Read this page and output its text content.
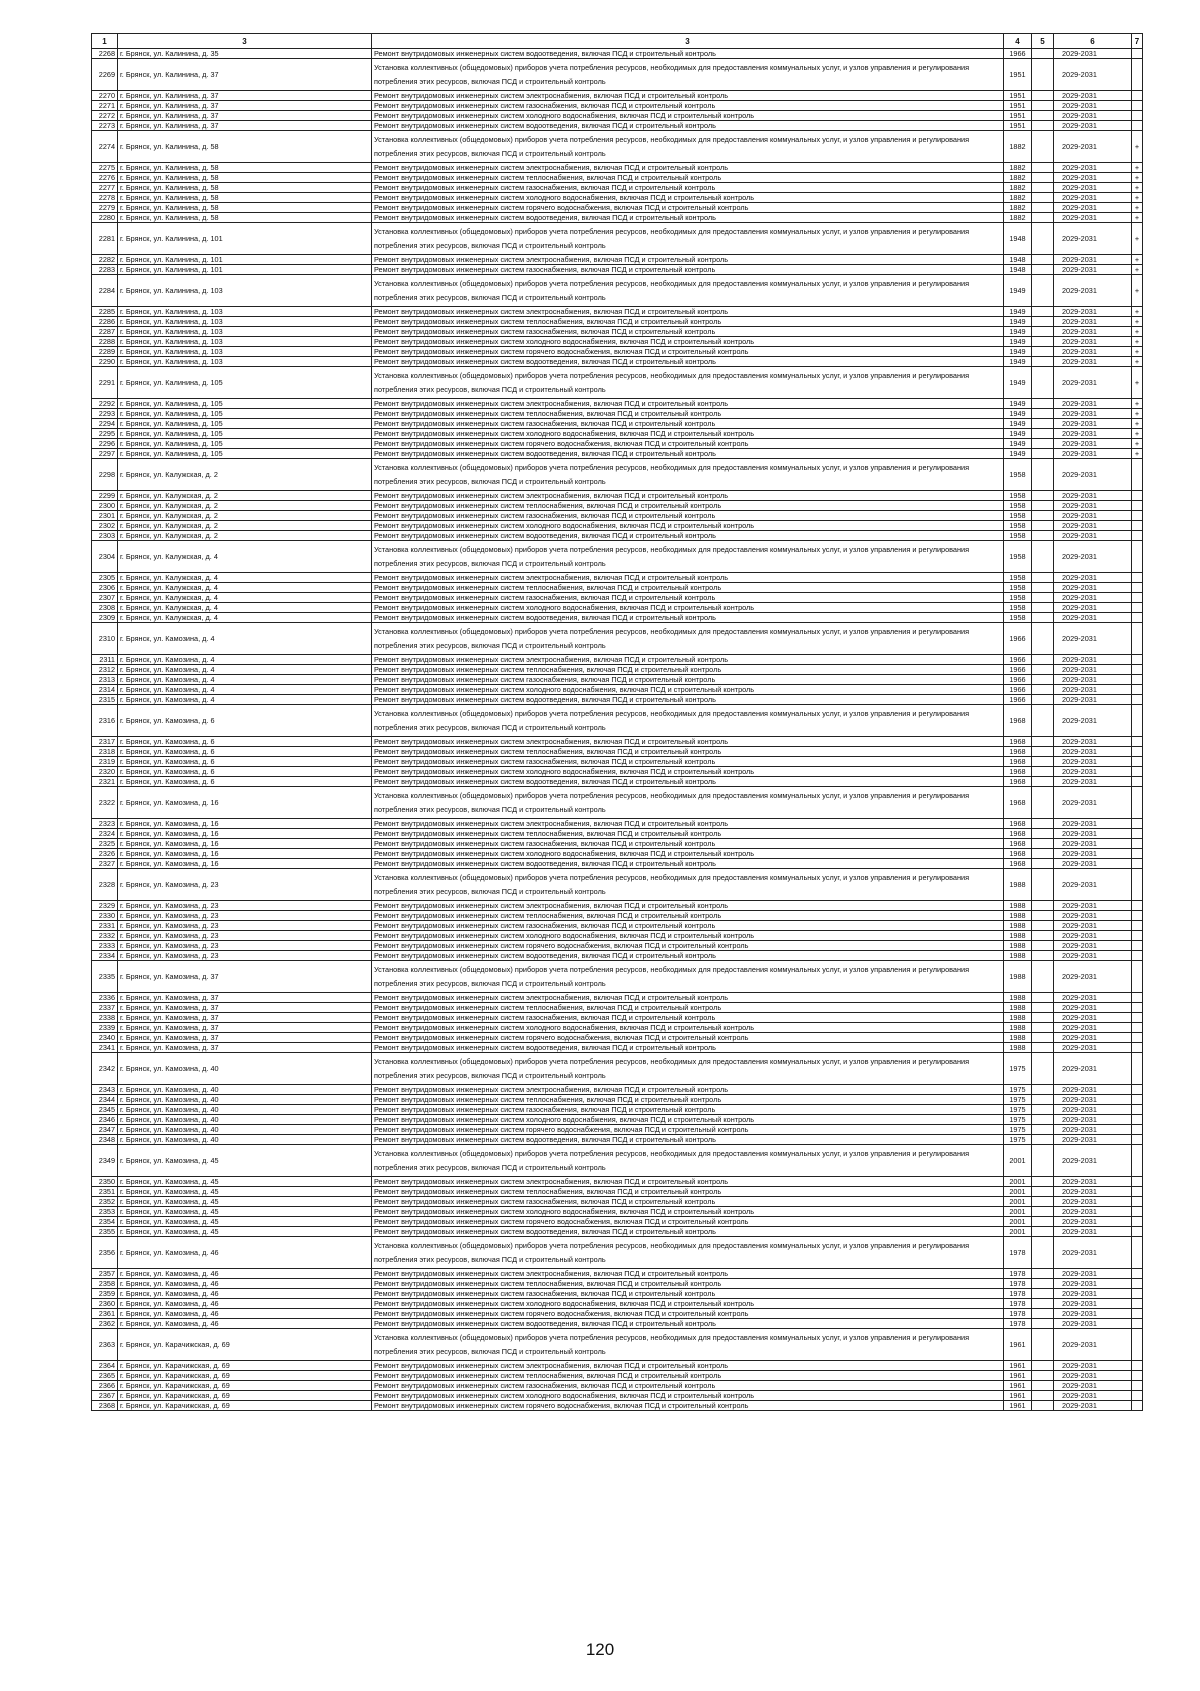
1	3	3	4	5	6	7
2268	г. Брянск, ул. Калинина, д. 35	Ремонт внутридомовых инженерных систем водоотведения, включая ПСД и строительный контроль	1966		2029-2031	
2269	г. Брянск, ул. Калинина, д. 37	Установка коллективных (общедомовых) приборов учета потребления ресурсов, необходимых для предоставления коммунальных услуг, и узлов управления и регулирования потребления этих ресурсов, включая ПСД и строительный контроль	1951		2029-2031	
2270	г. Брянск, ул. Калинина, д. 37	Ремонт внутридомовых инженерных систем электроснабжения, включая ПСД и строительный контроль	1951		2029-2031	
2271	г. Брянск, ул. Калинина, д. 37	Ремонт внутридомовых инженерных систем газоснабжения, включая ПСД и строительный контроль	1951		2029-2031	
2272	г. Брянск, ул. Калинина, д. 37	Ремонт внутридомовых инженерных систем холодного водоснабжения, включая ПСД и строительный контроль	1951		2029-2031	
2273	г. Брянск, ул. Калинина, д. 37	Ремонт внутридомовых инженерных систем водоотведения, включая ПСД и строительный контроль	1951		2029-2031	
2274	г. Брянск, ул. Калинина, д. 58	Установка коллективных (общедомовых) приборов учета потребления ресурсов, необходимых для предоставления коммунальных услуг, и узлов управления и регулирования потребления этих ресурсов, включая ПСД и строительный контроль	1882		2029-2031	+
2275	г. Брянск, ул. Калинина, д. 58	Ремонт внутридомовых инженерных систем электроснабжения, включая ПСД и строительный контроль	1882		2029-2031	+
2276	г. Брянск, ул. Калинина, д. 58	Ремонт внутридомовых инженерных систем теплоснабжения, включая ПСД и строительный контроль	1882		2029-2031	+
2277	г. Брянск, ул. Калинина, д. 58	Ремонт внутридомовых инженерных систем газоснабжения, включая ПСД и строительный контроль	1882		2029-2031	+
2278	г. Брянск, ул. Калинина, д. 58	Ремонт внутридомовых инженерных систем холодного водоснабжения, включая ПСД и строительный контроль	1882		2029-2031	+
2279	г. Брянск, ул. Калинина, д. 58	Ремонт внутридомовых инженерных систем горячего водоснабжения, включая ПСД и строительный контроль	1882		2029-2031	+
2280	г. Брянск, ул. Калинина, д. 58	Ремонт внутридомовых инженерных систем водоотведения, включая ПСД и строительный контроль	1882		2029-2031	+
2281	г. Брянск, ул. Калинина, д. 101	Установка коллективных (общедомовых) приборов учета потребления ресурсов, необходимых для предоставления коммунальных услуг, и узлов управления и регулирования потребления этих ресурсов, включая ПСД и строительный контроль	1948		2029-2031	+
2282	г. Брянск, ул. Калинина, д. 101	Ремонт внутридомовых инженерных систем электроснабжения, включая ПСД и строительный контроль	1948		2029-2031	+
2283	г. Брянск, ул. Калинина, д. 101	Ремонт внутридомовых инженерных систем газоснабжения, включая ПСД и строительный контроль	1948		2029-2031	+
2284	г. Брянск, ул. Калинина, д. 103	Установка коллективных (общедомовых) приборов учета потребления ресурсов, необходимых для предоставления коммунальных услуг, и узлов управления и регулирования потребления этих ресурсов, включая ПСД и строительный контроль	1949		2029-2031	+
2285	г. Брянск, ул. Калинина, д. 103	Ремонт внутридомовых инженерных систем электроснабжения, включая ПСД и строительный контроль	1949		2029-2031	+
2286	г. Брянск, ул. Калинина, д. 103	Ремонт внутридомовых инженерных систем теплоснабжения, включая ПСД и строительный контроль	1949		2029-2031	+
2287	г. Брянск, ул. Калинина, д. 103	Ремонт внутридомовых инженерных систем газоснабжения, включая ПСД и строительный контроль	1949		2029-2031	+
2288	г. Брянск, ул. Калинина, д. 103	Ремонт внутридомовых инженерных систем холодного водоснабжения, включая ПСД и строительный контроль	1949		2029-2031	+
2289	г. Брянск, ул. Калинина, д. 103	Ремонт внутридомовых инженерных систем горячего водоснабжения, включая ПСД и строительный контроль	1949		2029-2031	+
2290	г. Брянск, ул. Калинина, д. 103	Ремонт внутридомовых инженерных систем водоотведения, включая ПСД и строительный контроль	1949		2029-2031	+
2291	г. Брянск, ул. Калинина, д. 105	Установка коллективных (общедомовых) приборов учета потребления ресурсов, необходимых для предоставления коммунальных услуг, и узлов управления и регулирования потребления этих ресурсов, включая ПСД и строительный контроль	1949		2029-2031	+
2292	г. Брянск, ул. Калинина, д. 105	Ремонт внутридомовых инженерных систем электроснабжения, включая ПСД и строительный контроль	1949		2029-2031	+
2293	г. Брянск, ул. Калинина, д. 105	Ремонт внутридомовых инженерных систем теплоснабжения, включая ПСД и строительный контроль	1949		2029-2031	+
2294	г. Брянск, ул. Калинина, д. 105	Ремонт внутридомовых инженерных систем газоснабжения, включая ПСД и строительный контроль	1949		2029-2031	+
2295	г. Брянск, ул. Калинина, д. 105	Ремонт внутридомовых инженерных систем холодного водоснабжения, включая ПСД и строительный контроль	1949		2029-2031	+
2296	г. Брянск, ул. Калинина, д. 105	Ремонт внутридомовых инженерных систем горячего водоснабжения, включая ПСД и строительный контроль	1949		2029-2031	+
2297	г. Брянск, ул. Калинина, д. 105	Ремонт внутридомовых инженерных систем водоотведения, включая ПСД и строительный контроль	1949		2029-2031	+
2298	г. Брянск, ул. Калужская, д. 2	Установка коллективных (общедомовых) приборов учета потребления ресурсов, необходимых для предоставления коммунальных услуг, и узлов управления и регулирования потребления этих ресурсов, включая ПСД и строительный контроль	1958		2029-2031	
2299	г. Брянск, ул. Калужская, д. 2	Ремонт внутридомовых инженерных систем электроснабжения, включая ПСД и строительный контроль	1958		2029-2031	
2300	г. Брянск, ул. Калужская, д. 2	Ремонт внутридомовых инженерных систем теплоснабжения, включая ПСД и строительный контроль	1958		2029-2031	
2301	г. Брянск, ул. Калужская, д. 2	Ремонт внутридомовых инженерных систем газоснабжения, включая ПСД и строительный контроль	1958		2029-2031	
2302	г. Брянск, ул. Калужская, д. 2	Ремонт внутридомовых инженерных систем холодного водоснабжения, включая ПСД и строительный контроль	1958		2029-2031	
2303	г. Брянск, ул. Калужская, д. 2	Ремонт внутридомовых инженерных систем водоотведения, включая ПСД и строительный контроль	1958		2029-2031	
2304	г. Брянск, ул. Калужская, д. 4	Установка коллективных (общедомовых) приборов учета потребления ресурсов, необходимых для предоставления коммунальных услуг, и узлов управления и регулирования потребления этих ресурсов, включая ПСД и строительный контроль	1958		2029-2031	
2305	г. Брянск, ул. Калужская, д. 4	Ремонт внутридомовых инженерных систем электроснабжения, включая ПСД и строительный контроль	1958		2029-2031	
2306	г. Брянск, ул. Калужская, д. 4	Ремонт внутридомовых инженерных систем теплоснабжения, включая ПСД и строительный контроль	1958		2029-2031	
2307	г. Брянск, ул. Калужская, д. 4	Ремонт внутридомовых инженерных систем газоснабжения, включая ПСД и строительный контроль	1958		2029-2031	
2308	г. Брянск, ул. Калужская, д. 4	Ремонт внутридомовых инженерных систем холодного водоснабжения, включая ПСД и строительный контроль	1958		2029-2031	
2309	г. Брянск, ул. Калужская, д. 4	Ремонт внутридомовых инженерных систем водоотведения, включая ПСД и строительный контроль	1958		2029-2031	
2310	г. Брянск, ул. Камозина, д. 4	Установка коллективных (общедомовых) приборов учета потребления ресурсов, необходимых для предоставления коммунальных услуг, и узлов управления и регулирования потребления этих ресурсов, включая ПСД и строительный контроль	1966		2029-2031	
2311	г. Брянск, ул. Камозина, д. 4	Ремонт внутридомовых инженерных систем электроснабжения, включая ПСД и строительный контроль	1966		2029-2031	
2312	г. Брянск, ул. Камозина, д. 4	Ремонт внутридомовых инженерных систем теплоснабжения, включая ПСД и строительный контроль	1966		2029-2031	
2313	г. Брянск, ул. Камозина, д. 4	Ремонт внутридомовых инженерных систем газоснабжения, включая ПСД и строительный контроль	1966		2029-2031	
2314	г. Брянск, ул. Камозина, д. 4	Ремонт внутридомовых инженерных систем холодного водоснабжения, включая ПСД и строительный контроль	1966		2029-2031	
2315	г. Брянск, ул. Камозина, д. 4	Ремонт внутридомовых инженерных систем водоотведения, включая ПСД и строительный контроль	1966		2029-2031	
2316	г. Брянск, ул. Камозина, д. 6	Установка коллективных (общедомовых) приборов учета потребления ресурсов, необходимых для предоставления коммунальных услуг, и узлов управления и регулирования потребления этих ресурсов, включая ПСД и строительный контроль	1968		2029-2031	
2317	г. Брянск, ул. Камозина, д. 6	Ремонт внутридомовых инженерных систем электроснабжения, включая ПСД и строительный контроль	1968		2029-2031	
2318	г. Брянск, ул. Камозина, д. 6	Ремонт внутридомовых инженерных систем теплоснабжения, включая ПСД и строительный контроль	1968		2029-2031	
2319	г. Брянск, ул. Камозина, д. 6	Ремонт внутридомовых инженерных систем газоснабжения, включая ПСД и строительный контроль	1968		2029-2031	
2320	г. Брянск, ул. Камозина, д. 6	Ремонт внутридомовых инженерных систем холодного водоснабжения, включая ПСД и строительный контроль	1968		2029-2031	
2321	г. Брянск, ул. Камозина, д. 6	Ремонт внутридомовых инженерных систем водоотведения, включая ПСД и строительный контроль	1968		2029-2031	
2322	г. Брянск, ул. Камозина, д. 16	Установка коллективных (общедомовых) приборов учета потребления ресурсов, необходимых для предоставления коммунальных услуг, и узлов управления и регулирования потребления этих ресурсов, включая ПСД и строительный контроль	1968		2029-2031	
2323	г. Брянск, ул. Камозина, д. 16	Ремонт внутридомовых инженерных систем электроснабжения, включая ПСД и строительный контроль	1968		2029-2031	
2324	г. Брянск, ул. Камозина, д. 16	Ремонт внутридомовых инженерных систем теплоснабжения, включая ПСД и строительный контроль	1968		2029-2031	
2325	г. Брянск, ул. Камозина, д. 16	Ремонт внутридомовых инженерных систем газоснабжения, включая ПСД и строительный контроль	1968		2029-2031	
2326	г. Брянск, ул. Камозина, д. 16	Ремонт внутридомовых инженерных систем холодного водоснабжения, включая ПСД и строительный контроль	1968		2029-2031	
2327	г. Брянск, ул. Камозина, д. 16	Ремонт внутридомовых инженерных систем водоотведения, включая ПСД и строительный контроль	1968		2029-2031	
2328	г. Брянск, ул. Камозина, д. 23	Установка коллективных (общедомовых) приборов учета потребления ресурсов, необходимых для предоставления коммунальных услуг, и узлов управления и регулирования потребления этих ресурсов, включая ПСД и строительный контроль	1988		2029-2031	
2329	г. Брянск, ул. Камозина, д. 23	Ремонт внутридомовых инженерных систем электроснабжения, включая ПСД и строительный контроль	1988		2029-2031	
2330	г. Брянск, ул. Камозина, д. 23	Ремонт внутридомовых инженерных систем теплоснабжения, включая ПСД и строительный контроль	1988		2029-2031	
2331	г. Брянск, ул. Камозина, д. 23	Ремонт внутридомовых инженерных систем газоснабжения, включая ПСД и строительный контроль	1988		2029-2031	
2332	г. Брянск, ул. Камозина, д. 23	Ремонт внутридомовых инженерных систем холодного водоснабжения, включая ПСД и строительный контроль	1988		2029-2031	
2333	г. Брянск, ул. Камозина, д. 23	Ремонт внутридомовых инженерных систем горячего водоснабжения, включая ПСД и строительный контроль	1988		2029-2031	
2334	г. Брянск, ул. Камозина, д. 23	Ремонт внутридомовых инженерных систем водоотведения, включая ПСД и строительный контроль	1988		2029-2031	
2335	г. Брянск, ул. Камозина, д. 37	Установка коллективных (общедомовых) приборов учета потребления ресурсов, необходимых для предоставления коммунальных услуг, и узлов управления и регулирования потребления этих ресурсов, включая ПСД и строительный контроль	1988		2029-2031	
2336	г. Брянск, ул. Камозина, д. 37	Ремонт внутридомовых инженерных систем электроснабжения, включая ПСД и строительный контроль	1988		2029-2031	
2337	г. Брянск, ул. Камозина, д. 37	Ремонт внутридомовых инженерных систем теплоснабжения, включая ПСД и строительный контроль	1988		2029-2031	
2338	г. Брянск, ул. Камозина, д. 37	Ремонт внутридомовых инженерных систем газоснабжения, включая ПСД и строительный контроль	1988		2029-2031	
2339	г. Брянск, ул. Камозина, д. 37	Ремонт внутридомовых инженерных систем холодного водоснабжения, включая ПСД и строительный контроль	1988		2029-2031	
2340	г. Брянск, ул. Камозина, д. 37	Ремонт внутридомовых инженерных систем горячего водоснабжения, включая ПСД и строительный контроль	1988		2029-2031	
2341	г. Брянск, ул. Камозина, д. 37	Ремонт внутридомовых инженерных систем водоотведения, включая ПСД и строительный контроль	1988		2029-2031	
2342	г. Брянск, ул. Камозина, д. 40	Установка коллективных (общедомовых) приборов учета потребления ресурсов, необходимых для предоставления коммунальных услуг, и узлов управления и регулирования потребления этих ресурсов, включая ПСД и строительный контроль	1975		2029-2031	
2343	г. Брянск, ул. Камозина, д. 40	Ремонт внутридомовых инженерных систем электроснабжения, включая ПСД и строительный контроль	1975		2029-2031	
2344	г. Брянск, ул. Камозина, д. 40	Ремонт внутридомовых инженерных систем теплоснабжения, включая ПСД и строительный контроль	1975		2029-2031	
2345	г. Брянск, ул. Камозина, д. 40	Ремонт внутридомовых инженерных систем газоснабжения, включая ПСД и строительный контроль	1975		2029-2031	
2346	г. Брянск, ул. Камозина, д. 40	Ремонт внутридомовых инженерных систем холодного водоснабжения, включая ПСД и строительный контроль	1975		2029-2031	
2347	г. Брянск, ул. Камозина, д. 40	Ремонт внутридомовых инженерных систем горячего водоснабжения, включая ПСД и строительный контроль	1975		2029-2031	
2348	г. Брянск, ул. Камозина, д. 40	Ремонт внутридомовых инженерных систем водоотведения, включая ПСД и строительный контроль	1975		2029-2031	
2349	г. Брянск, ул. Камозина, д. 45	Установка коллективных (общедомовых) приборов учета потребления ресурсов, необходимых для предоставления коммунальных услуг, и узлов управления и регулирования потребления этих ресурсов, включая ПСД и строительный контроль	2001		2029-2031	
2350	г. Брянск, ул. Камозина, д. 45	Ремонт внутридомовых инженерных систем электроснабжения, включая ПСД и строительный контроль	2001		2029-2031	
2351	г. Брянск, ул. Камозина, д. 45	Ремонт внутридомовых инженерных систем теплоснабжения, включая ПСД и строительный контроль	2001		2029-2031	
2352	г. Брянск, ул. Камозина, д. 45	Ремонт внутридомовых инженерных систем газоснабжения, включая ПСД и строительный контроль	2001		2029-2031	
2353	г. Брянск, ул. Камозина, д. 45	Ремонт внутридомовых инженерных систем холодного водоснабжения, включая ПСД и строительный контроль	2001		2029-2031	
2354	г. Брянск, ул. Камозина, д. 45	Ремонт внутридомовых инженерных систем горячего водоснабжения, включая ПСД и строительный контроль	2001		2029-2031	
2355	г. Брянск, ул. Камозина, д. 45	Ремонт внутридомовых инженерных систем водоотведения, включая ПСД и строительный контроль	2001		2029-2031	
2356	г. Брянск, ул. Камозина, д. 46	Установка коллективных (общедомовых) приборов учета потребления ресурсов, необходимых для предоставления коммунальных услуг, и узлов управления и регулирования потребления этих ресурсов, включая ПСД и строительный контроль	1978		2029-2031	
2357	г. Брянск, ул. Камозина, д. 46	Ремонт внутридомовых инженерных систем электроснабжения, включая ПСД и строительный контроль	1978		2029-2031	
2358	г. Брянск, ул. Камозина, д. 46	Ремонт внутридомовых инженерных систем теплоснабжения, включая ПСД и строительный контроль	1978		2029-2031	
2359	г. Брянск, ул. Камозина, д. 46	Ремонт внутридомовых инженерных систем газоснабжения, включая ПСД и строительный контроль	1978		2029-2031	
2360	г. Брянск, ул. Камозина, д. 46	Ремонт внутридомовых инженерных систем холодного водоснабжения, включая ПСД и строительный контроль	1978		2029-2031	
2361	г. Брянск, ул. Камозина, д. 46	Ремонт внутридомовых инженерных систем горячего водоснабжения, включая ПСД и строительный контроль	1978		2029-2031	
2362	г. Брянск, ул. Камозина, д. 46	Ремонт внутридомовых инженерных систем водоотведения, включая ПСД и строительный контроль	1978		2029-2031	
2363	г. Брянск, ул. Карачижская, д. 69	Установка коллективных (общедомовых) приборов учета потребления ресурсов, необходимых для предоставления коммунальных услуг, и узлов управления и регулирования потребления этих ресурсов, включая ПСД и строительный контроль	1961		2029-2031	
2364	г. Брянск, ул. Карачижская, д. 69	Ремонт внутридомовых инженерных систем электроснабжения, включая ПСД и строительный контроль	1961		2029-2031	
2365	г. Брянск, ул. Карачижская, д. 69	Ремонт внутридомовых инженерных систем теплоснабжения, включая ПСД и строительный контроль	1961		2029-2031	
2366	г. Брянск, ул. Карачижская, д. 69	Ремонт внутридомовых инженерных систем газоснабжения, включая ПСД и строительный контроль	1961		2029-2031	
2367	г. Брянск, ул. Карачижская, д. 69	Ремонт внутридомовых инженерных систем холодного водоснабжения, включая ПСД и строительный контроль	1961		2029-2031	
2368	г. Брянск, ул. Карачижская, д. 69	Ремонт внутридомовых инженерных систем горячего водоснабжения, включая ПСД и строительный контроль	1961		2029-2031	
120
